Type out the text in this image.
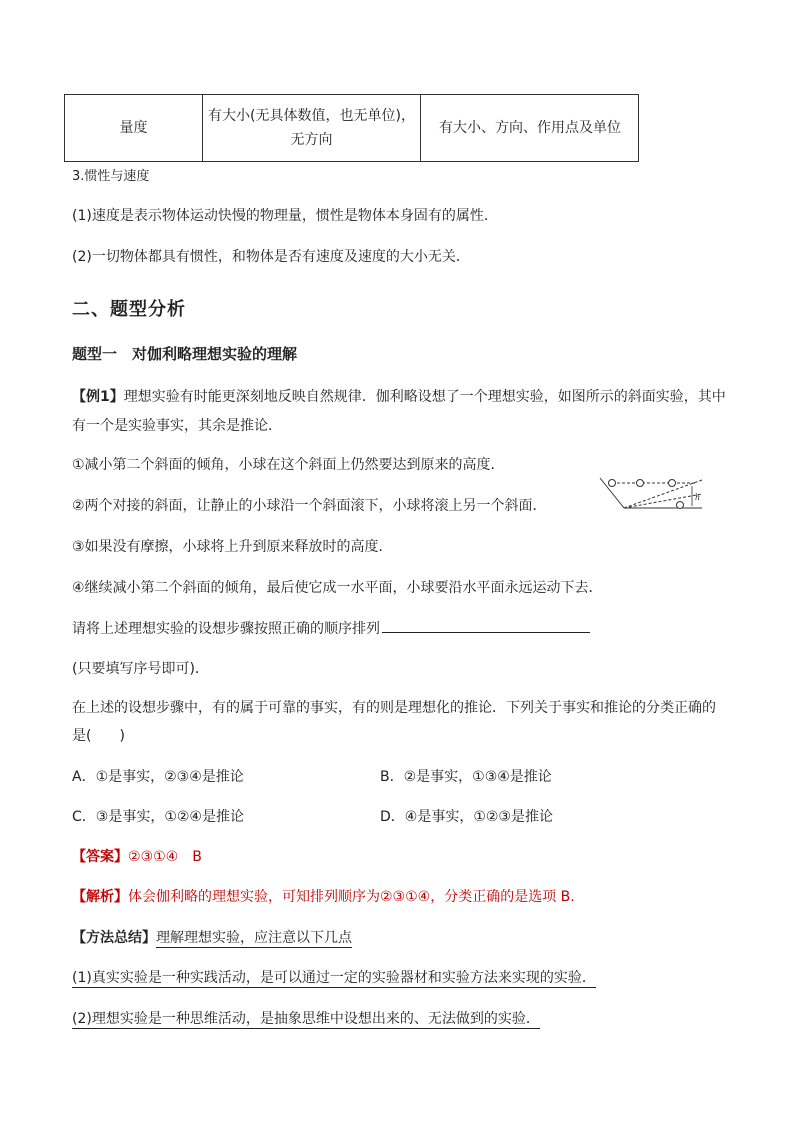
量度
有大小(无具体数值，也无单位)，
无方向
有大小、方向、作用点及单位
3.惯性与速度
(1)速度是表示物体运动快慢的物理量，惯性是物体本身固有的属性．
(2)一切物体都具有惯性，和物体是否有速度及速度的大小无关．
二、题型分析
题型一　对伽利略理想实验的理解
【例1】理想实验有时能更深刻地反映自然规律．伽利略设想了一个理想实验，如图所示的斜面实验，其中
有一个是实验事实，其余是推论．
①减小第二个斜面的倾角，小球在这个斜面上仍然要达到原来的高度．
②两个对接的斜面，让静止的小球沿一个斜面滚下，小球将滚上另一个斜面．
③如果没有摩擦，小球将上升到原来释放时的高度．
④继续减小第二个斜面的倾角，最后使它成一水平面，小球要沿水平面永远运动下去．
h
请将上述理想实验的设想步骤按照正确的顺序排列
(只要填写序号即可)．
在上述的设想步骤中，有的属于可靠的事实，有的则是理想化的推论．下列关于事实和推论的分类正确的
是(　　)
A．①是事实，②③④是推论	B．②是事实，①③④是推论
C．③是事实，①②④是推论	D．④是事实，①②③是推论
【答案】②③①④　B
【解析】体会伽利略的理想实验，可知排列顺序为②③①④，分类正确的是选项 B.
【方法总结】理解理想实验，应注意以下几点
(1)真实实验是一种实践活动，是可以通过一定的实验器材和实验方法来实现的实验．
(2)理想实验是一种思维活动，是抽象思维中设想出来的、无法做到的实验．
